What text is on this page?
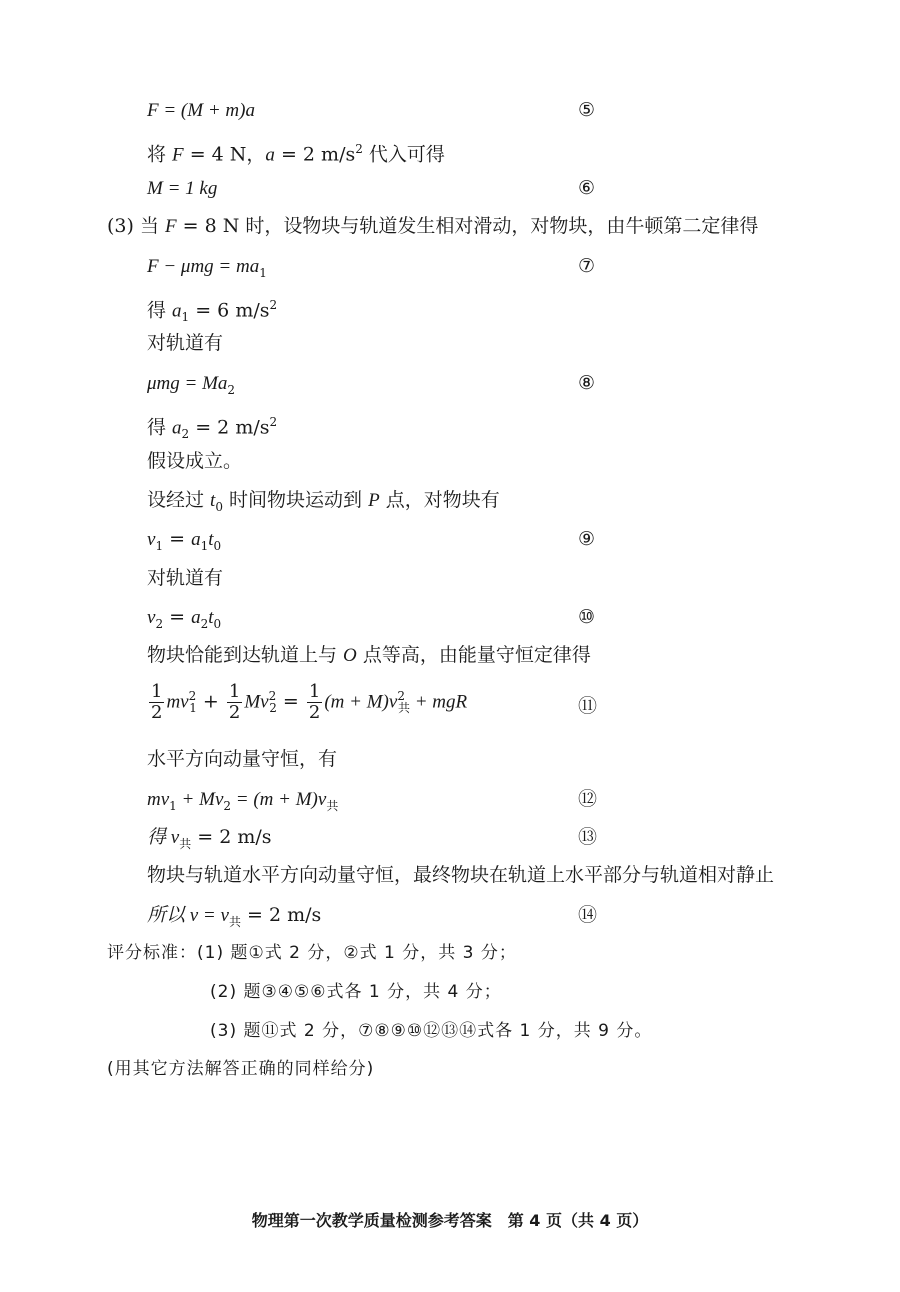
F = (M + m)a	⑤
将 F = 4 N，a = 2 $m/s^2$ 代入可得
M = 1 kg	⑥
(3) 当 F = 8 N 时，设物块与轨道发生相对滑动，对物块，由牛顿第二定律得
$F - \mu mg = ma_1$	⑦
得 $a_1 = 6$ $m/s^2$
对轨道有
$\mu mg = Ma_2$	⑧
得 $a_2 = 2$ $m/s^2$
假设成立。
设经过 $t_0$ 时间物块运动到 P 点，对物块有
$v_1 = a_1t_0$	⑨
对轨道有
$v_2 = a_2t_0$	⑩
物块恰能到达轨道上与 O 点等高，由能量守恒定律得
$\frac{1}{2} mv^2_1 + \frac{1}{2} Mv^2_2 = \frac{1}{2} (m + M)v^2_共$ + mgR	⑪
水平方向动量守恒，有
$mv_1 + Mv_2 = (m + M)v_共$	⑫
得 $v_共 = 2$ m/s	⑬
物块与轨道水平方向动量守恒，最终物块在轨道上水平部分与轨道相对静止
所以 $v = v_共 = 2$ m/s	⑭
评分标准：(1) 题①式 2 分，②式 1 分，共 3 分；
(2) 题③④⑤⑥式各 1 分，共 4 分；
(3) 题⑪式 2 分，⑦⑧⑨⑩⑫⑬⑭式各 1 分，共 9 分。
(用其它方法解答正确的同样给分)
物理第一次教学质量检测参考答案　第 4 页（共 4 页）
